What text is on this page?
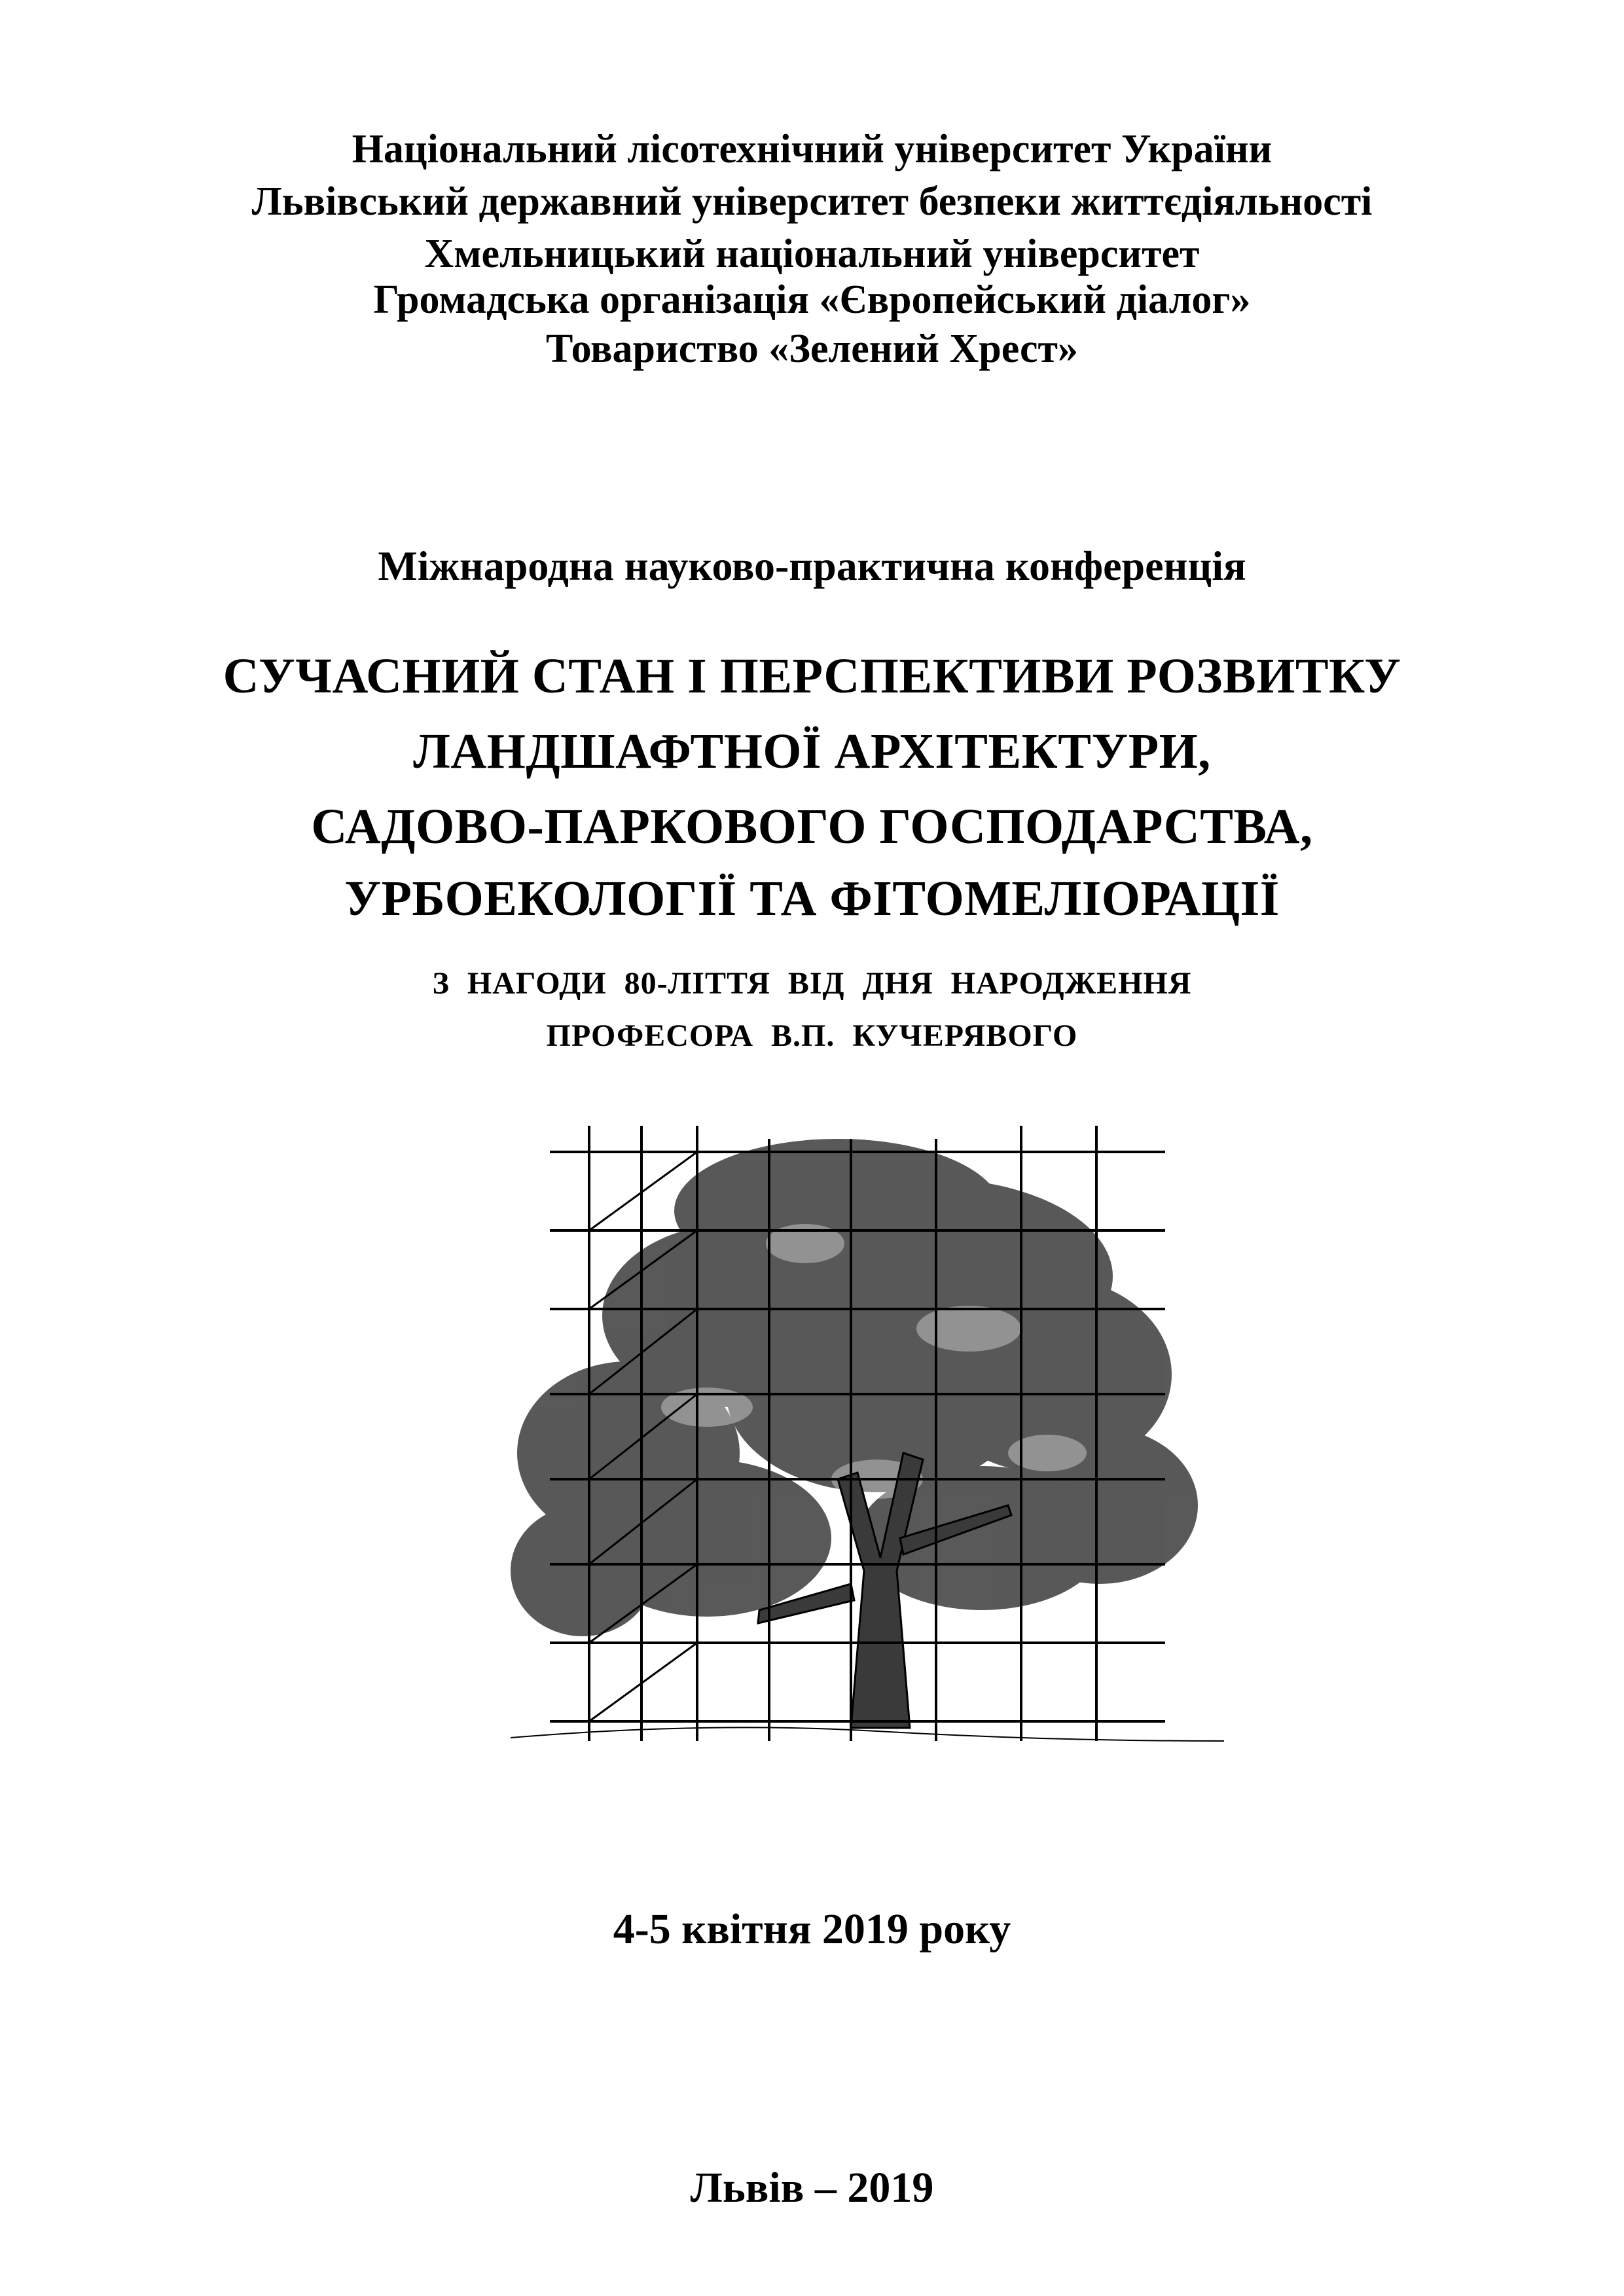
Національний лісотехнічний університет України
Львівський державний університет безпеки життєдіяльності
Хмельницький національний університет
Громадська організація «Європейський діалог»
Товариство «Зелений Хрест»
Міжнародна науково-практична конференція
СУЧАСНИЙ СТАН І ПЕРСПЕКТИВИ РОЗВИТКУ
ЛАНДШАФТНОЇ АРХІТЕКТУРИ,
САДОВО-ПАРКОВОГО ГОСПОДАРСТВА,
УРБОЕКОЛОГІЇ ТА ФІТОМЕЛІОРАЦІЇ
З НАГОДИ 80-ЛІТТЯ ВІД ДНЯ НАРОДЖЕННЯ
ПРОФЕСОРА В.П. КУЧЕРЯВОГО
4-5 квітня 2019 року
Львів – 2019
